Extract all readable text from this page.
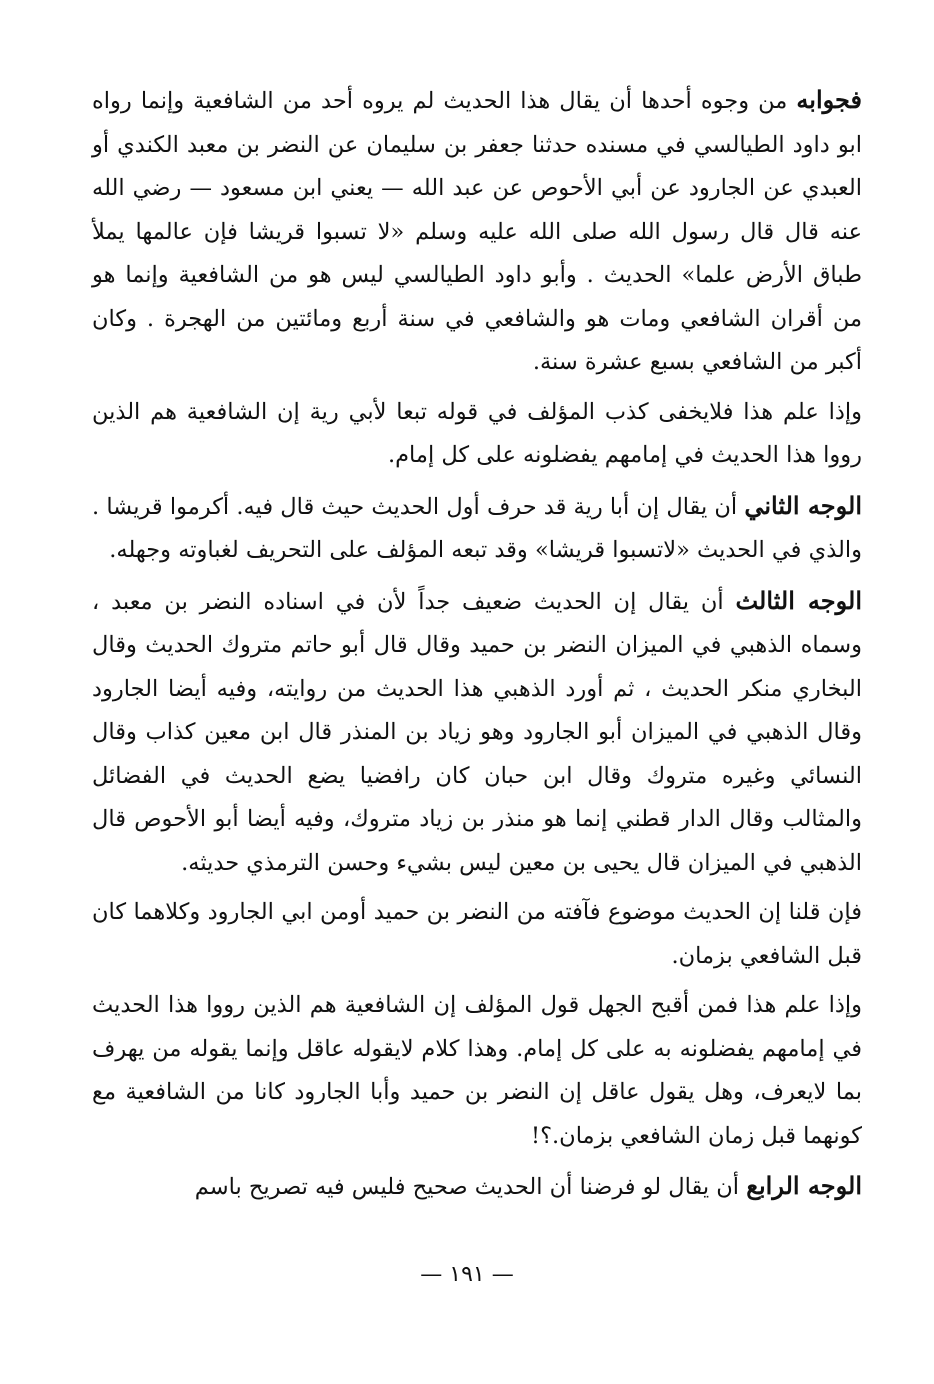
فجوابه من وجوه أحدها أن يقال هذا الحديث لم يروه أحد من الشافعية وإنما رواه ابو داود الطيالسي في مسنده حدثنا جعفر بن سليمان عن النضر بن معبد الكندي أو العبدي عن الجارود عن أبي الأحوص عن عبد الله — يعني ابن مسعود — رضي الله عنه قال قال رسول الله صلى الله عليه وسلم «لا تسبوا قريشا فإن عالمها يملأ طباق الأرض علما» الحديث . وأبو داود الطيالسي ليس هو من الشافعية وإنما هو من أقران الشافعي ومات هو والشافعي في سنة أربع ومائتين من الهجرة . وكان أكبر من الشافعي بسبع عشرة سنة.

وإذا علم هذا فلايخفى كذب المؤلف في قوله تبعا لأبي رية إن الشافعية هم الذين رووا هذا الحديث في إمامهم يفضلونه على كل إمام.

الوجه الثاني أن يقال إن أبا رية قد حرف أول الحديث حيث قال فيه. أكرموا قريشا . والذي في الحديث «لاتسبوا قريشا» وقد تبعه المؤلف على التحريف لغباوته وجهله.

الوجه الثالث أن يقال إن الحديث ضعيف جداً لأن في اسناده النضر بن معبد ، وسماه الذهبي في الميزان النضر بن حميد وقال قال أبو حاتم متروك الحديث وقال البخاري منكر الحديث ، ثم أورد الذهبي هذا الحديث من روايته، وفيه أيضا الجارود وقال الذهبي في الميزان أبو الجارود وهو زياد بن المنذر قال ابن معين كذاب وقال النسائي وغيره متروك وقال ابن حبان كان رافضيا يضع الحديث في الفضائل والمثالب وقال الدار قطني إنما هو منذر بن زياد متروك، وفيه أيضا أبو الأحوص قال الذهبي في الميزان قال يحيى بن معين ليس بشيء وحسن الترمذي حديثه.

فإن قلنا إن الحديث موضوع فآفته من النضر بن حميد أومن ابي الجارود وكلاهما كان قبل الشافعي بزمان.

وإذا علم هذا فمن أقبح الجهل قول المؤلف إن الشافعية هم الذين رووا هذا الحديث في إمامهم يفضلونه به على كل إمام. وهذا كلام لايقوله عاقل وإنما يقوله من يهرف بما لايعرف، وهل يقول عاقل إن النضر بن حميد وأبا الجارود كانا من الشافعية مع كونهما قبل زمان الشافعي بزمان.؟!

الوجه الرابع أن يقال لو فرضنا أن الحديث صحيح فليس فيه تصريح باسم

— ١٩١ —
